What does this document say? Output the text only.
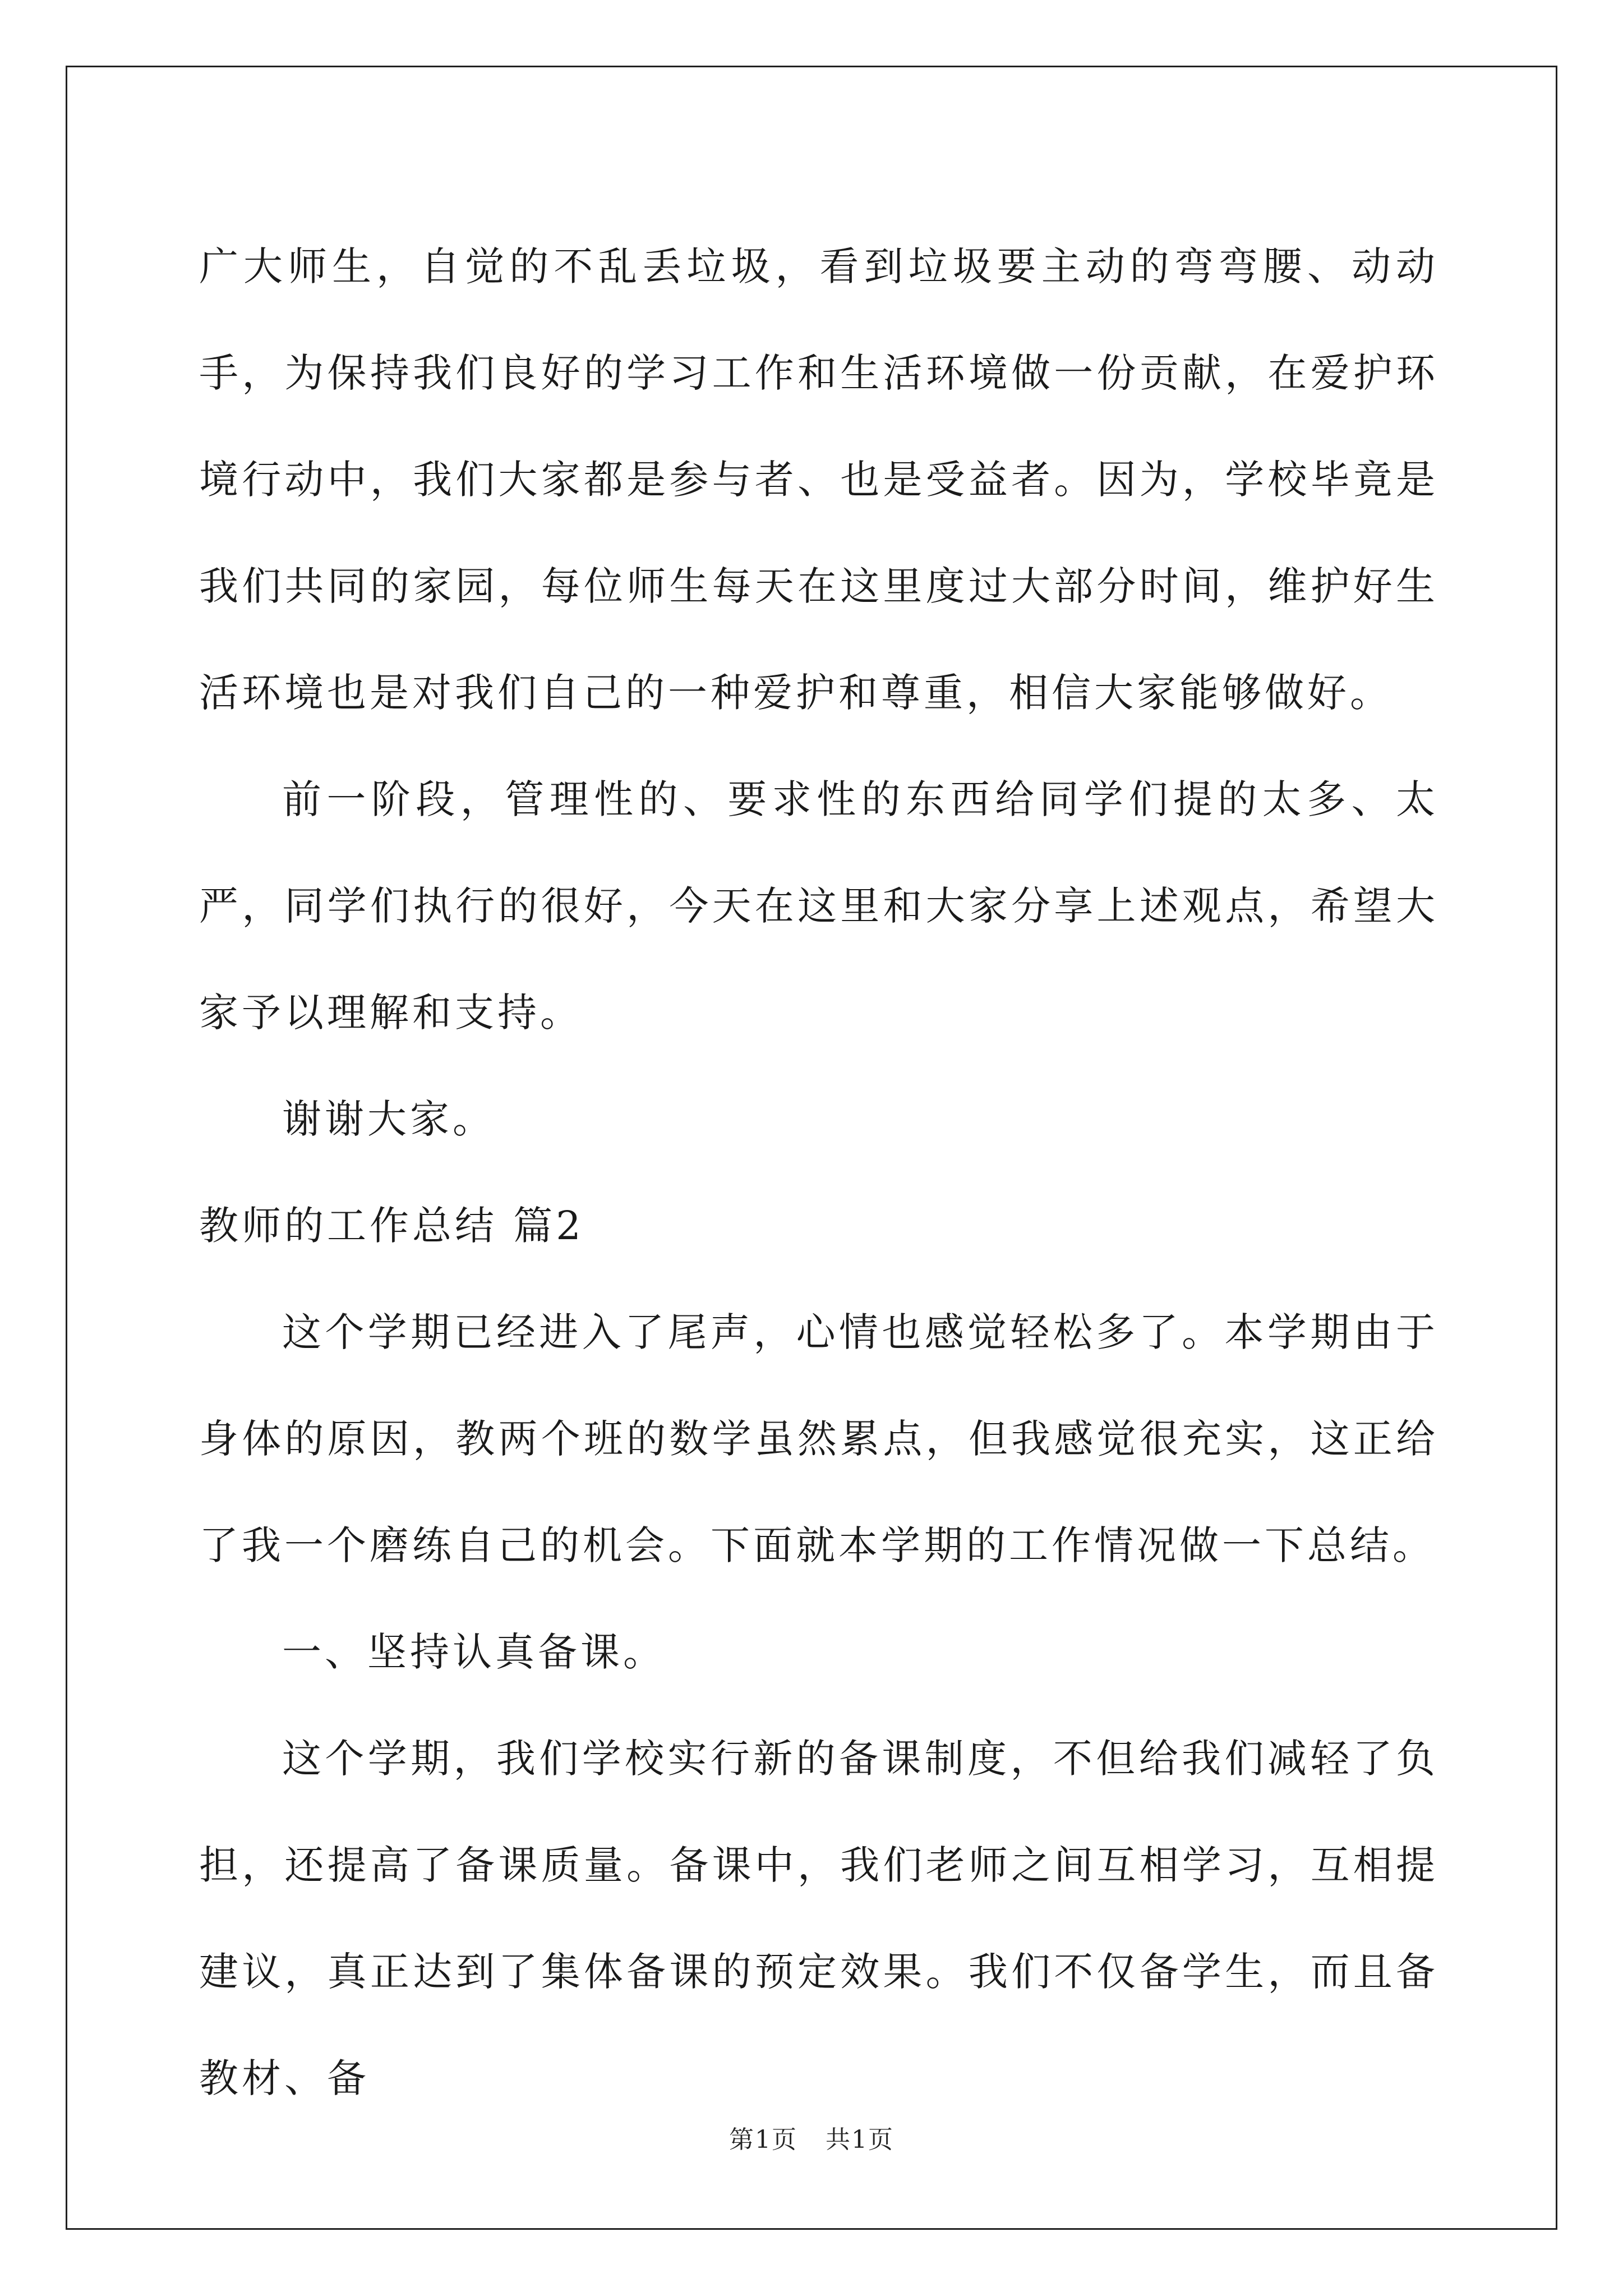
广大师生，自觉的不乱丢垃圾，看到垃圾要主动的弯弯腰、动动手，为保持我们良好的学习工作和生活环境做一份贡献，在爱护环境行动中，我们大家都是参与者、也是受益者。因为，学校毕竟是我们共同的家园，每位师生每天在这里度过大部分时间，维护好生活环境也是对我们自己的一种爱护和尊重，相信大家能够做好。

前一阶段，管理性的、要求性的东西给同学们提的太多、太严，同学们执行的很好，今天在这里和大家分享上述观点，希望大家予以理解和支持。

谢谢大家。

教师的工作总结 篇2

这个学期已经进入了尾声，心情也感觉轻松多了。本学期由于身体的原因，教两个班的数学虽然累点，但我感觉很充实，这正给了我一个磨练自己的机会。下面就本学期的工作情况做一下总结。

一、坚持认真备课。

这个学期，我们学校实行新的备课制度，不但给我们减轻了负担，还提高了备课质量。备课中，我们老师之间互相学习，互相提建议，真正达到了集体备课的预定效果。我们不仅备学生，而且备教材、备

第1页 共1页
